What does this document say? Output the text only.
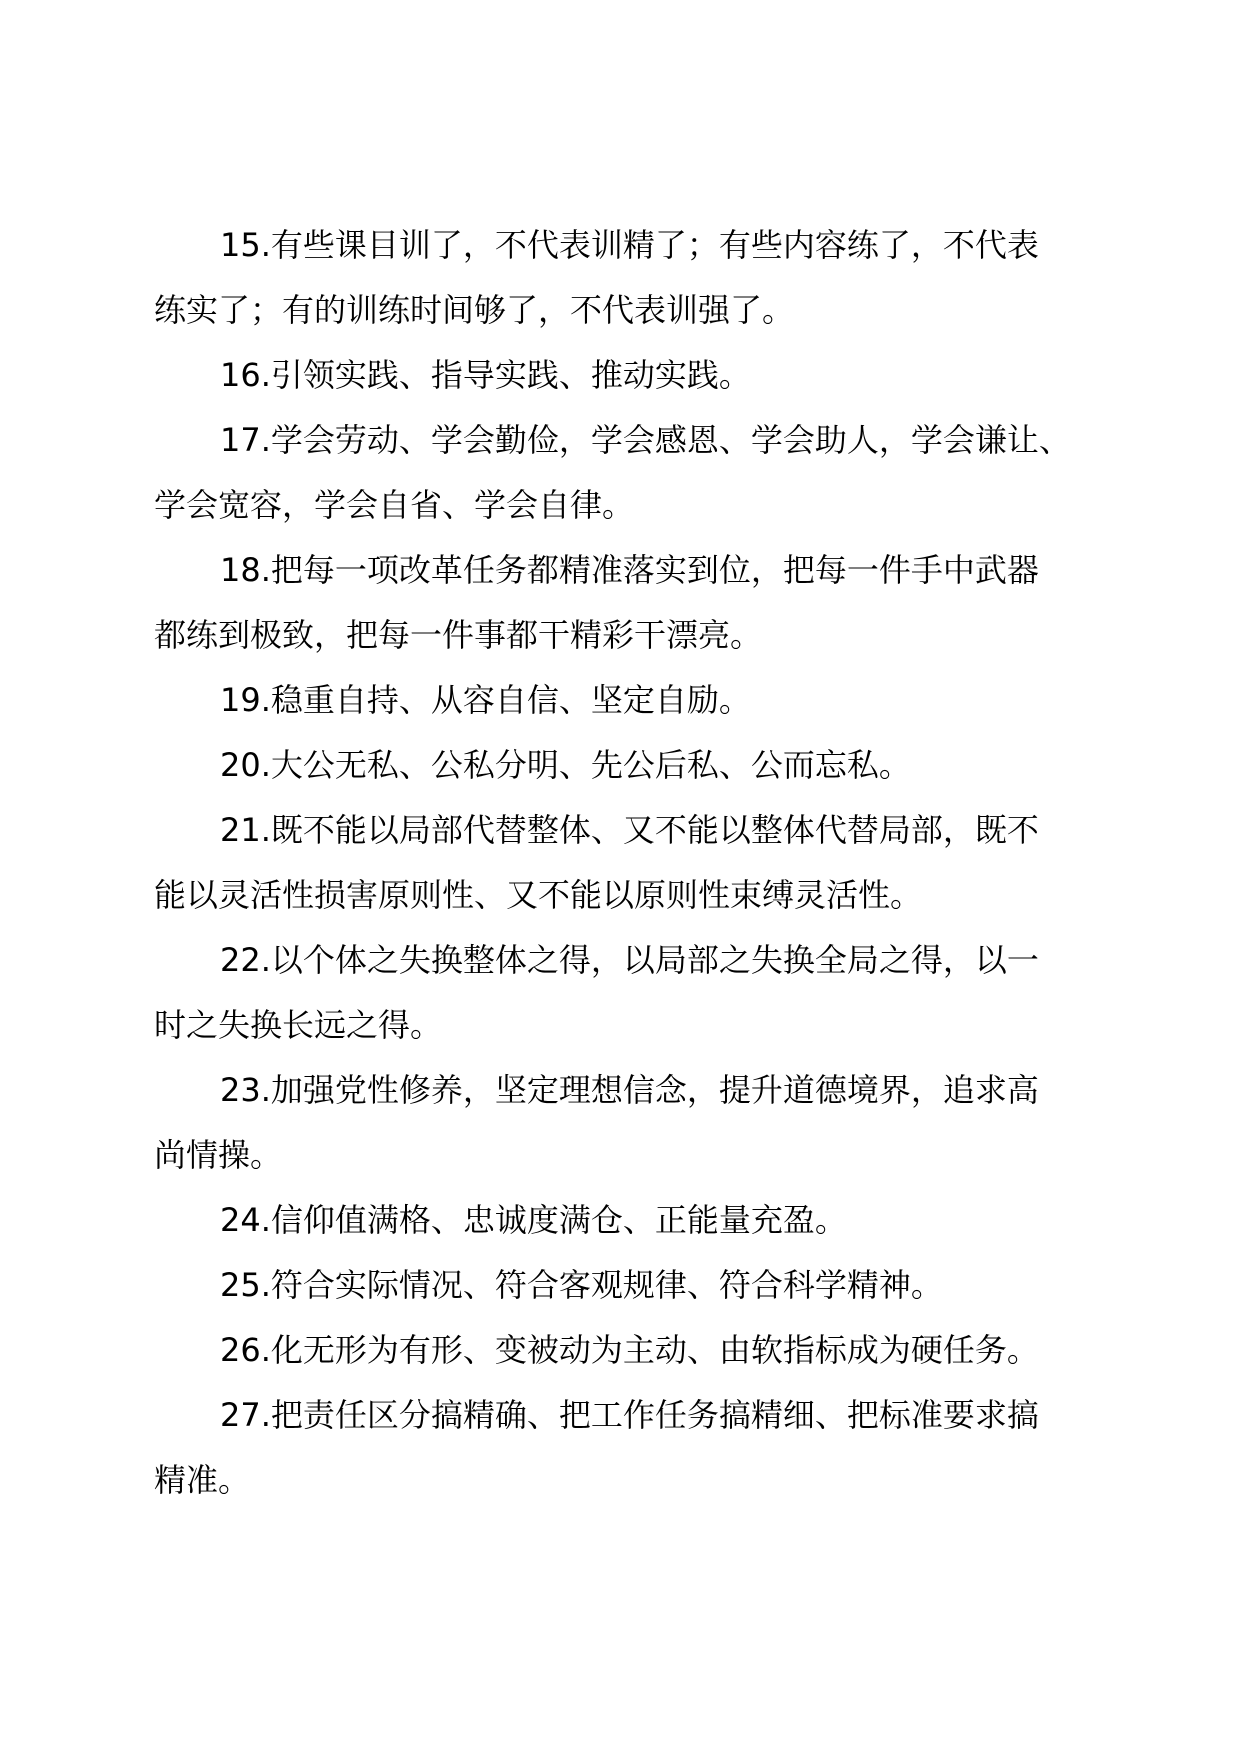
15.有些课目训了，不代表训精了；有些内容练了，不代表
练实了；有的训练时间够了，不代表训强了。
16.引领实践、指导实践、推动实践。
17.学会劳动、学会勤俭，学会感恩、学会助人，学会谦让、
学会宽容，学会自省、学会自律。
18.把每一项改革任务都精准落实到位，把每一件手中武器
都练到极致，把每一件事都干精彩干漂亮。
19.稳重自持、从容自信、坚定自励。
20.大公无私、公私分明、先公后私、公而忘私。
21.既不能以局部代替整体、又不能以整体代替局部，既不
能以灵活性损害原则性、又不能以原则性束缚灵活性。
22.以个体之失换整体之得，以局部之失换全局之得，以一
时之失换长远之得。
23.加强党性修养，坚定理想信念，提升道德境界，追求高
尚情操。
24.信仰值满格、忠诚度满仓、正能量充盈。
25.符合实际情况、符合客观规律、符合科学精神。
26.化无形为有形、变被动为主动、由软指标成为硬任务。
27.把责任区分搞精确、把工作任务搞精细、把标准要求搞
精准。
